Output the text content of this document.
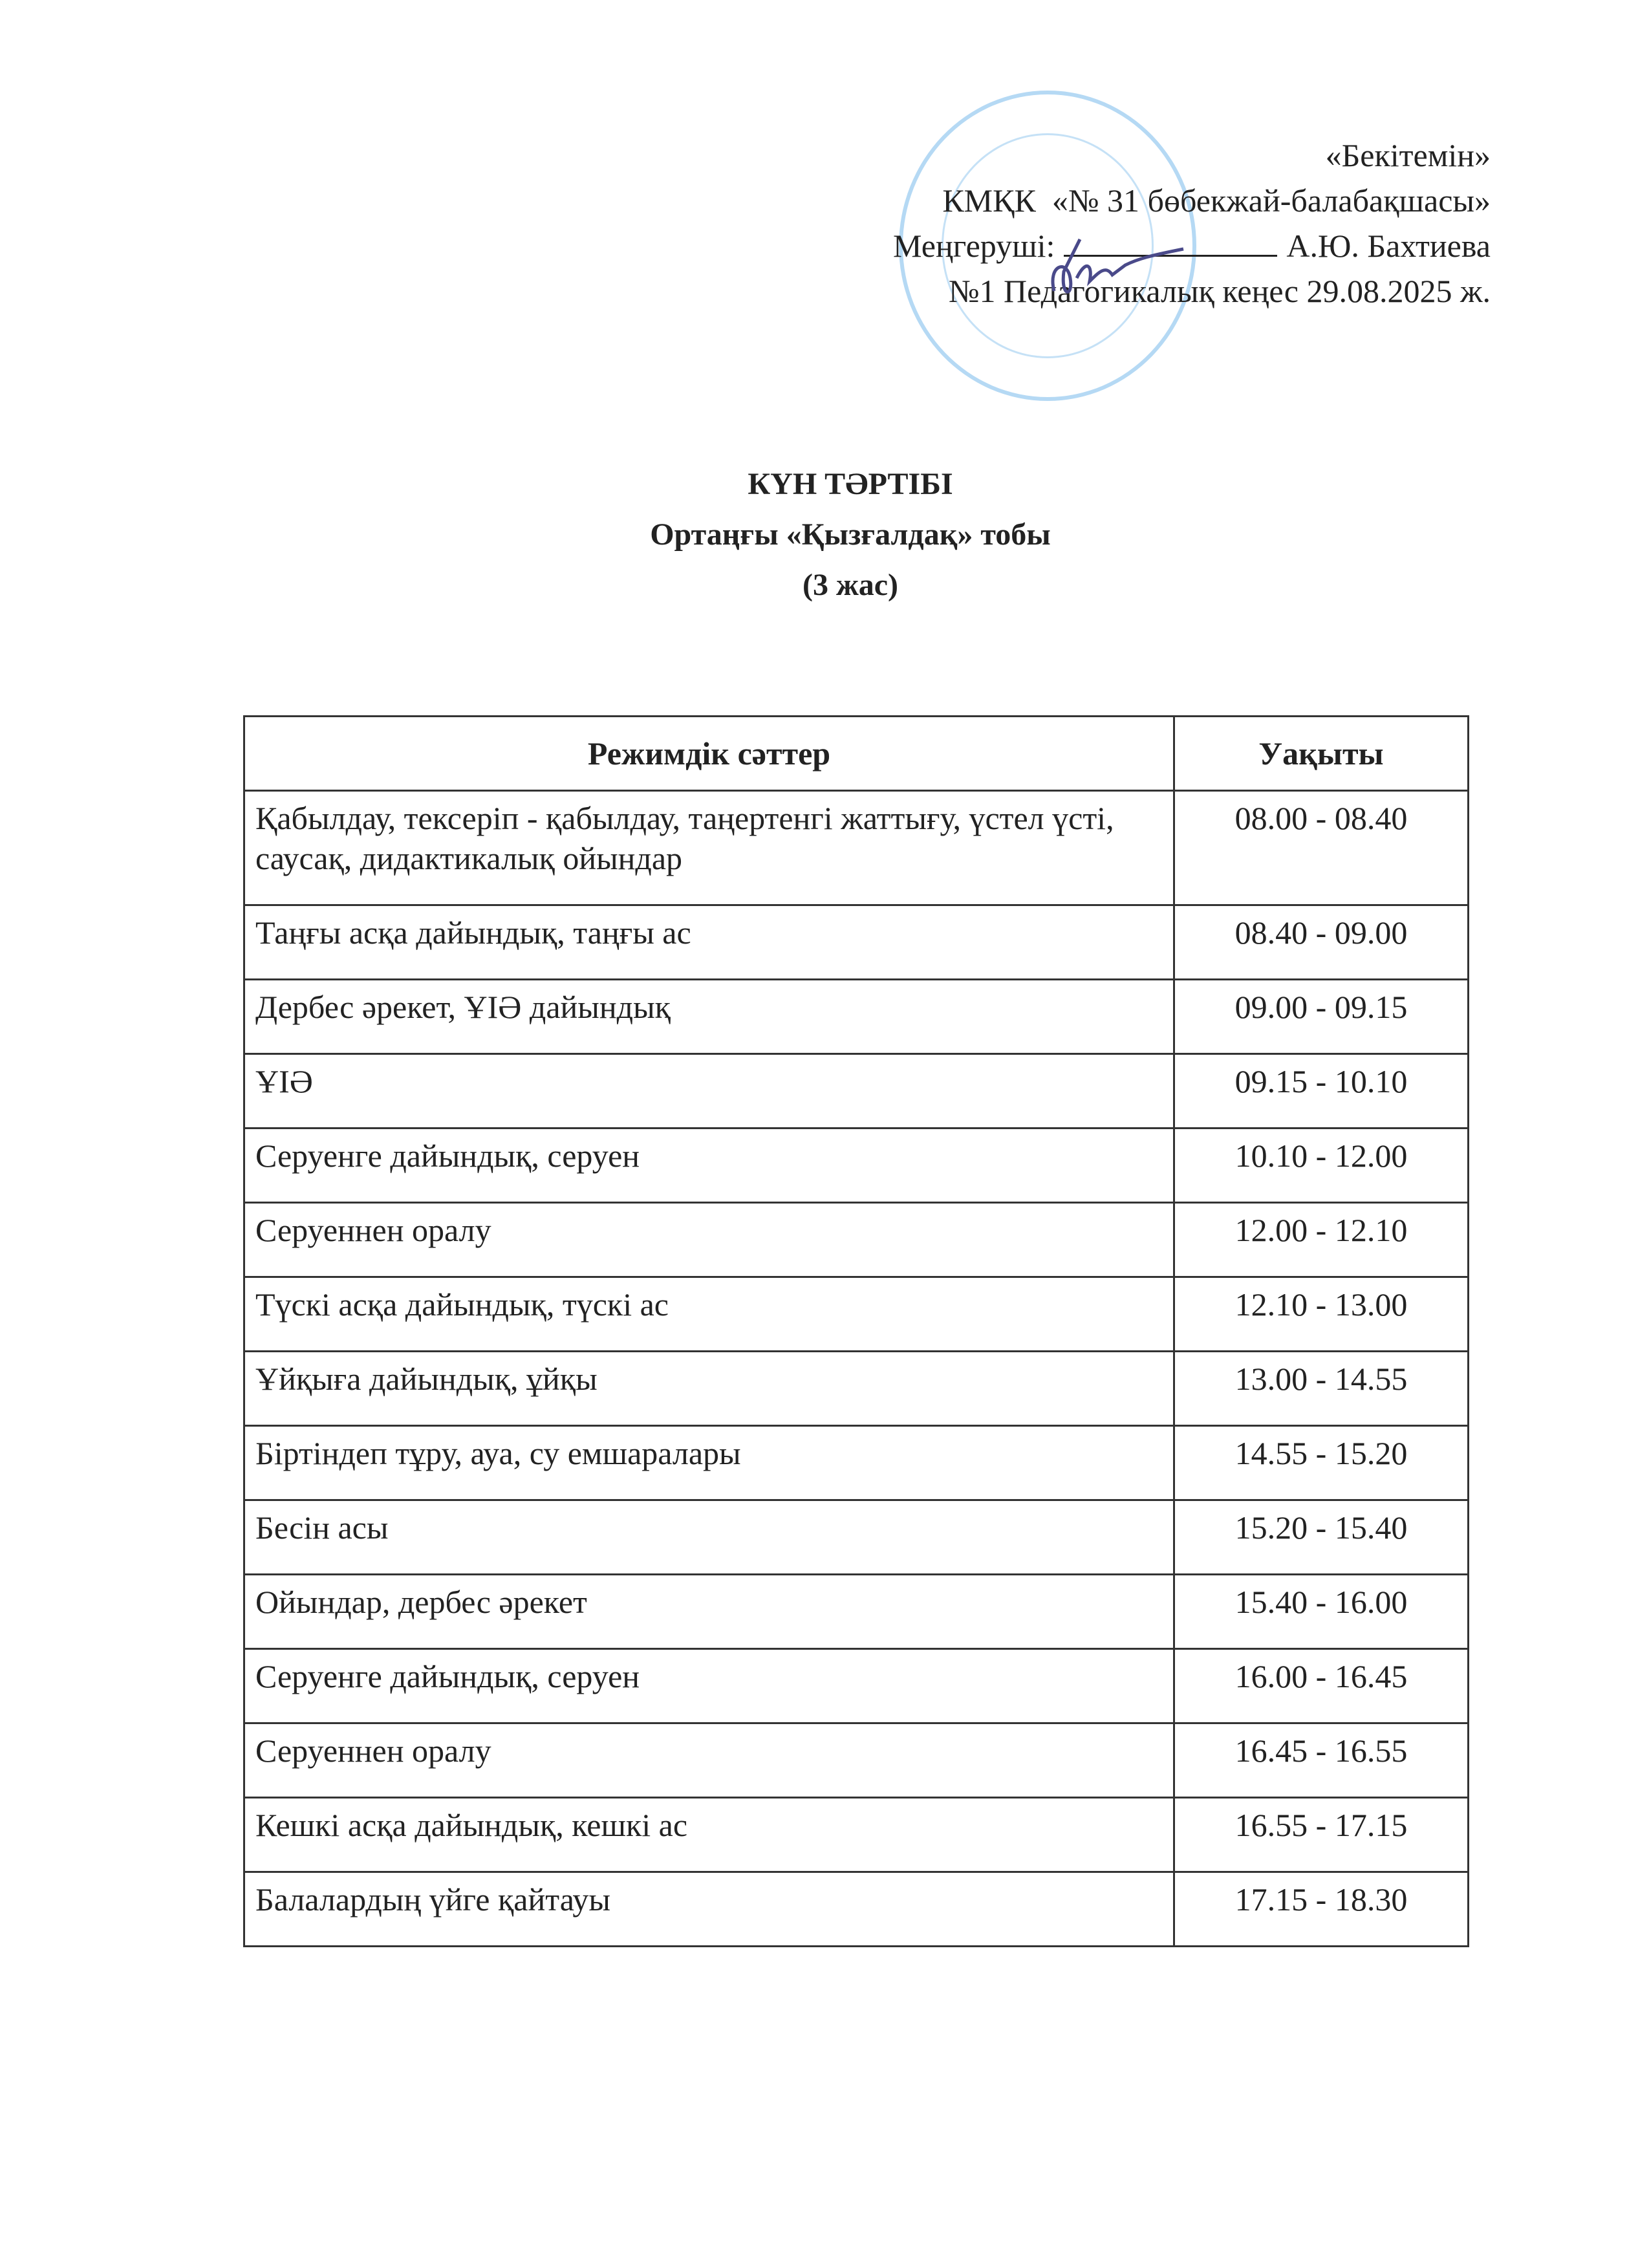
«Бекітемін»
КМҚК  «№ 31 бөбекжай-балабақшасы»
Меңгеруші:	А.Ю. Бахтиева
№1 Педагогикалық кеңес 29.08.2025 ж.
КҮН ТӘРТІБІ
Ортаңғы «Қызғалдақ» тобы
(3 жас)
Режимдік сәттер	Уақыты
Қабылдау, тексеріп - қабылдау, таңертенгі жаттығу, үстел үсті, саусақ, дидактикалық ойындар	08.00 - 08.40
Таңғы асқа дайындық, таңғы ас	08.40 - 09.00
Дербес әрекет, ҰІӘ дайындық	09.00 - 09.15
ҰІӘ	09.15 - 10.10
Серуенге дайындық, серуен	10.10 - 12.00
Серуеннен оралу	12.00 - 12.10
Түскі асқа дайындық, түскі ас	12.10 - 13.00
Ұйқыға дайындық, ұйқы	13.00 - 14.55
Біртіндеп тұру, ауа, су емшаралары	14.55 - 15.20
Бесін асы	15.20 - 15.40
Ойындар, дербес әрекет	15.40 - 16.00
Серуенге дайындық, серуен	16.00 - 16.45
Серуеннен оралу	16.45 - 16.55
Кешкі асқа дайындық, кешкі ас	16.55 - 17.15
Балалардың үйге қайтауы	17.15 - 18.30
